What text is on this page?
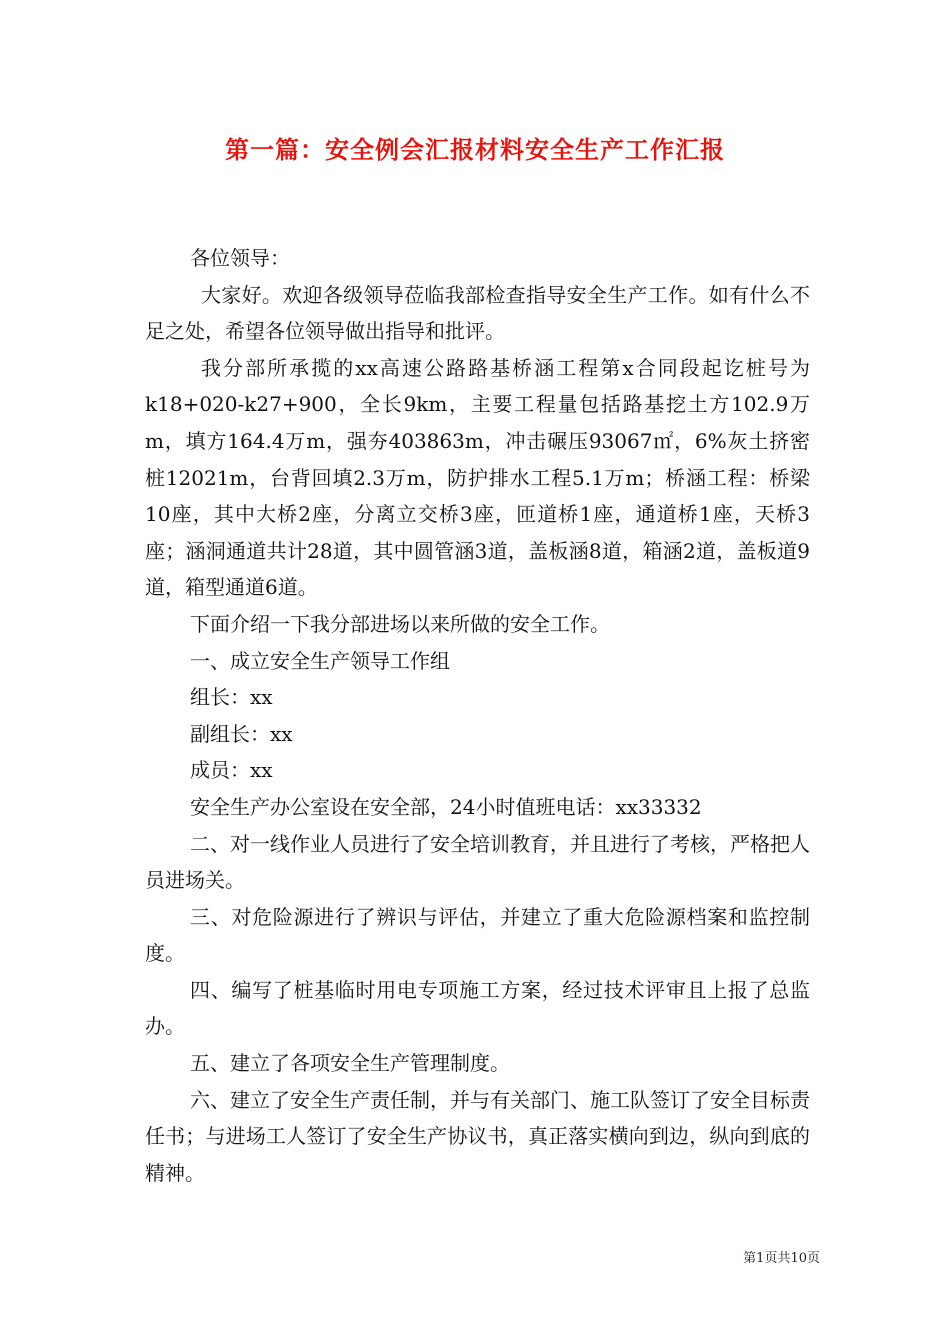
第一篇：安全例会汇报材料安全生产工作汇报

各位领导：

大家好。欢迎各级领导莅临我部检查指导安全生产工作。如有什么不足之处，希望各位领导做出指导和批评。

我分部所承揽的xx高速公路路基桥涵工程第x合同段起讫桩号为k18+020-k27+900，全长9km，主要工程量包括路基挖土方102.9万m，填方164.4万m，强夯403863m，冲击碾压93067㎡，6%灰土挤密桩12021m，台背回填2.3万m，防护排水工程5.1万m；桥涵工程：桥梁10座，其中大桥2座，分离立交桥3座，匝道桥1座，通道桥1座，天桥3座；涵洞通道共计28道，其中圆管涵3道，盖板涵8道，箱涵2道，盖板道9道，箱型通道6道。

下面介绍一下我分部进场以来所做的安全工作。

一、成立安全生产领导工作组

组长：xx

副组长：xx

成员：xx

安全生产办公室设在安全部，24小时值班电话：xx33332

二、对一线作业人员进行了安全培训教育，并且进行了考核，严格把人员进场关。

三、对危险源进行了辨识与评估，并建立了重大危险源档案和监控制度。

四、编写了桩基临时用电专项施工方案，经过技术评审且上报了总监办。

五、建立了各项安全生产管理制度。

六、建立了安全生产责任制，并与有关部门、施工队签订了安全目标责任书；与进场工人签订了安全生产协议书，真正落实横向到边，纵向到底的精神。

第1页共10页
